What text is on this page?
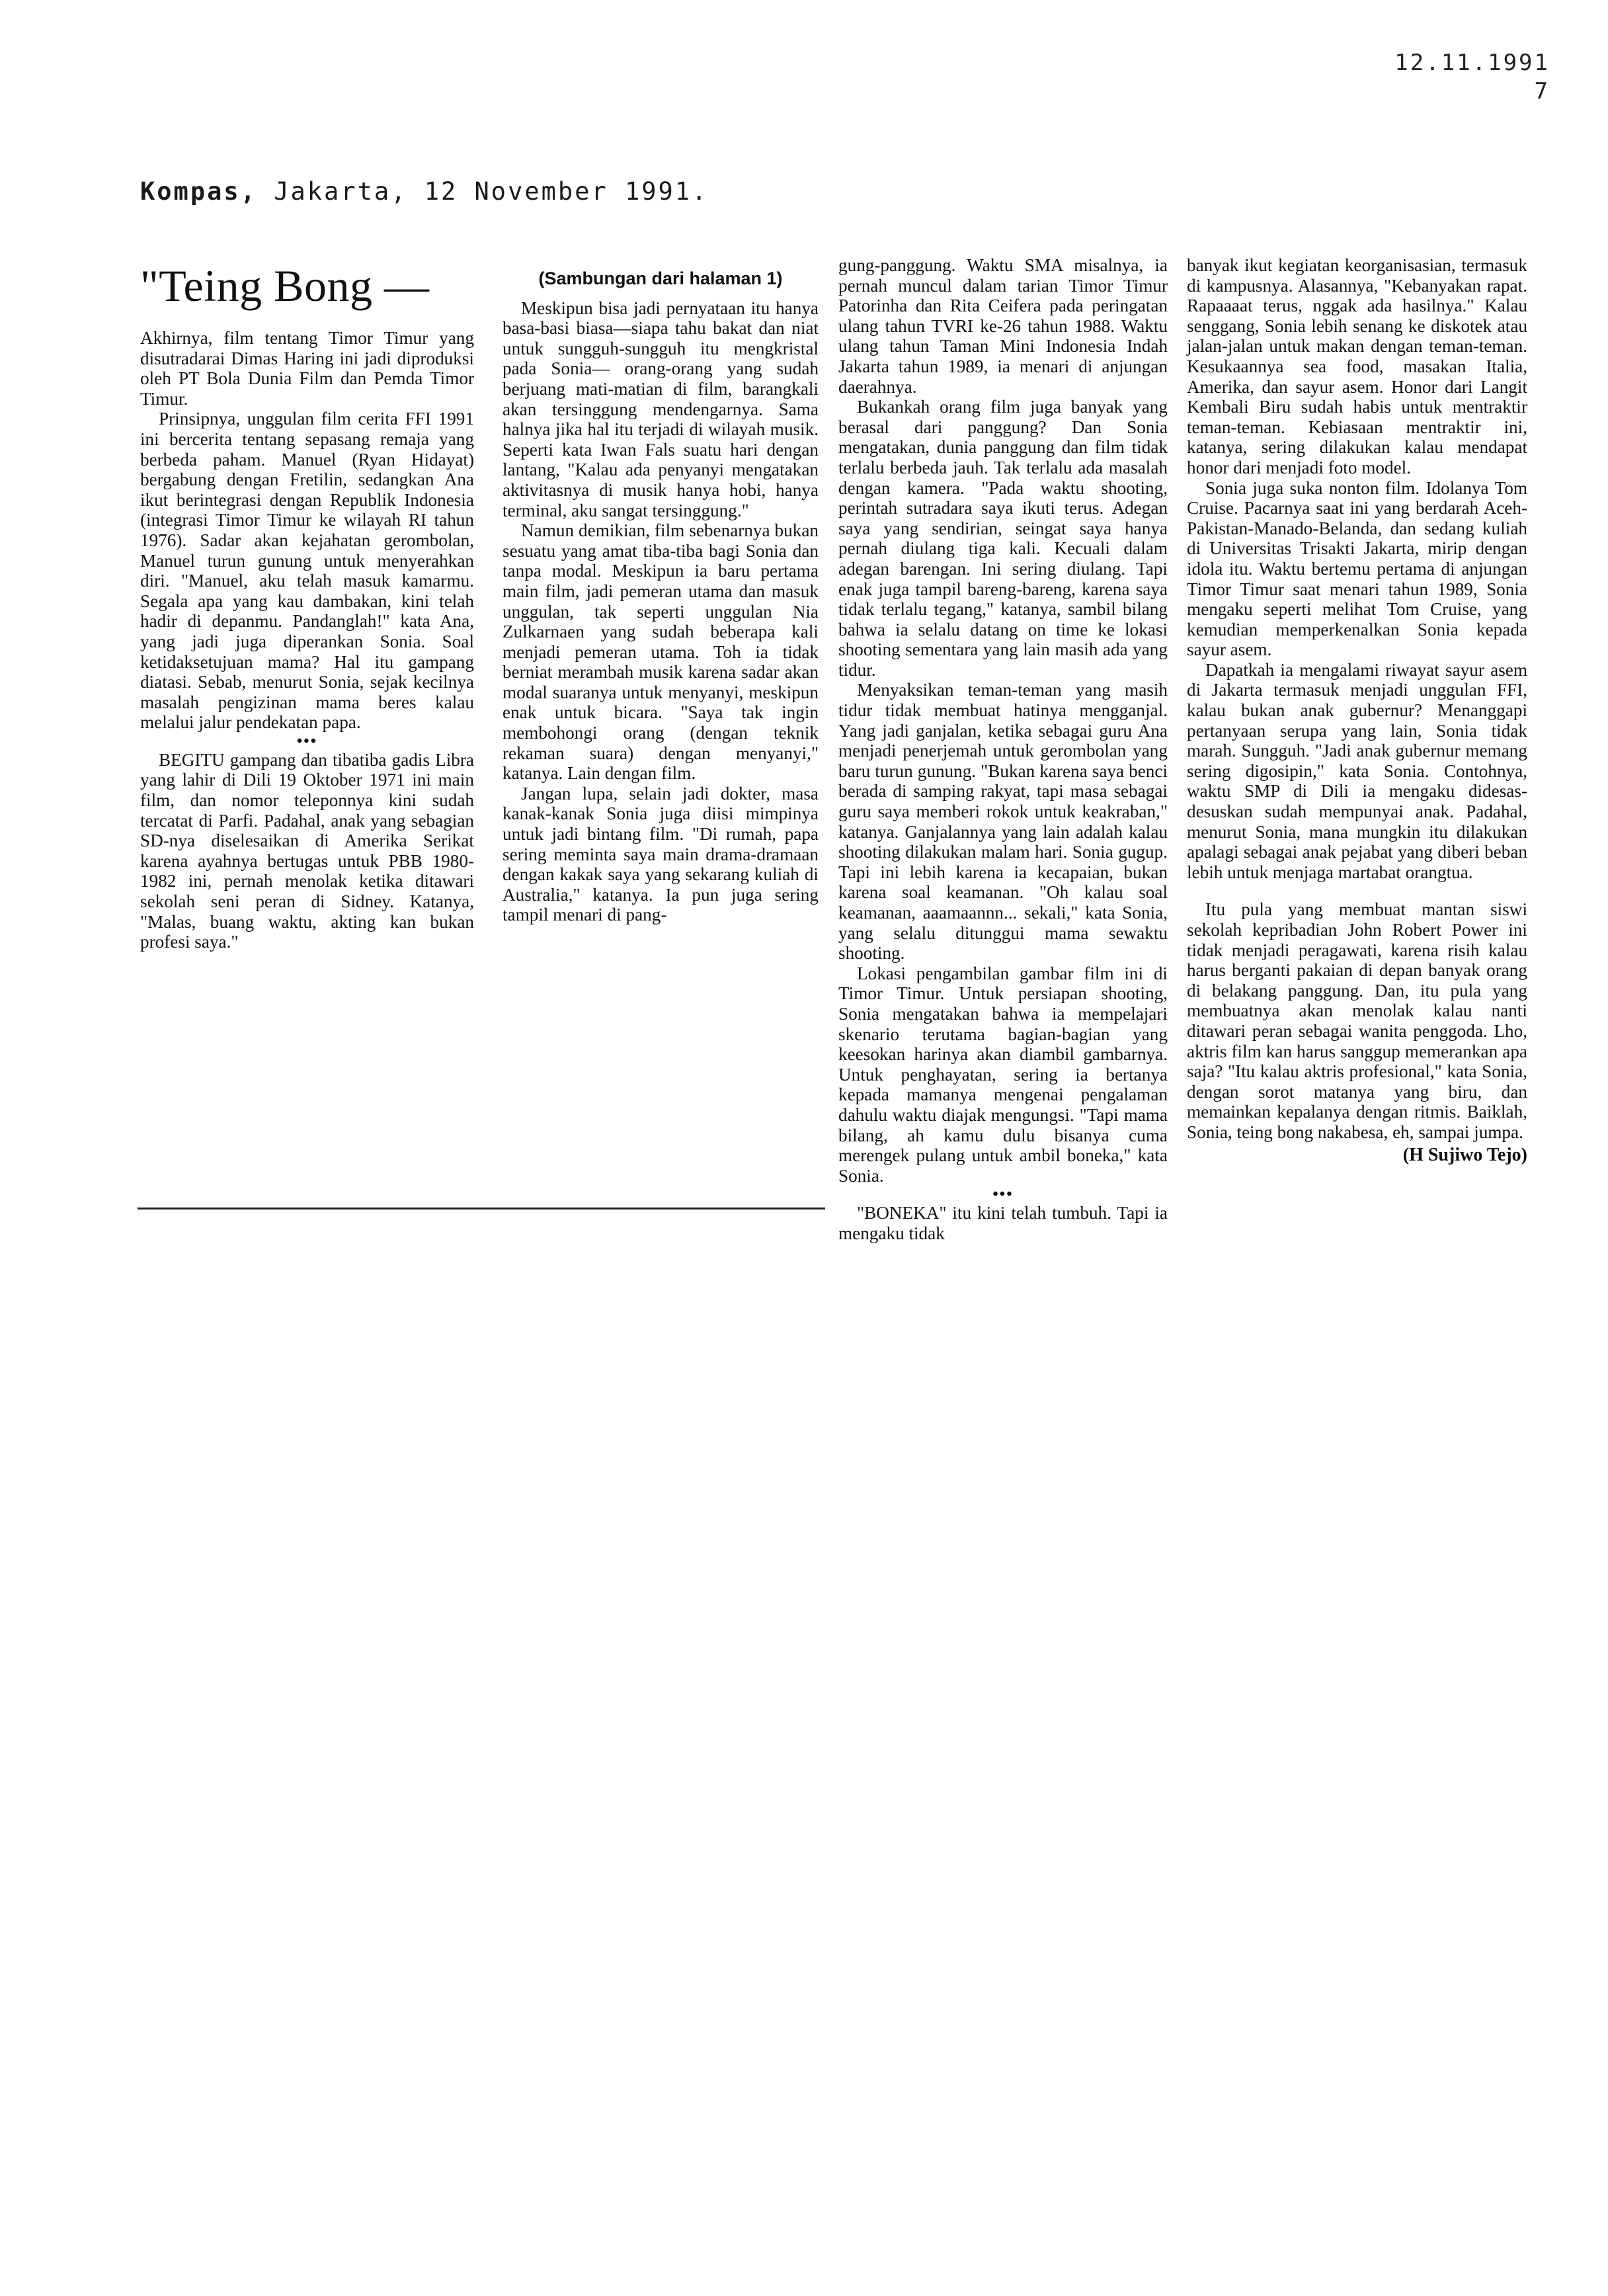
12.11.1991
7
Kompas, Jakarta, 12 November 1991.
"Teing Bong —

Akhirnya, film tentang Timor Timur yang disutradarai Dimas Haring ini jadi diproduksi oleh PT Bola Dunia Film dan Pemda Timor Timur.

Prinsipnya, unggulan film cerita FFI 1991 ini bercerita tentang sepasang remaja yang berbeda paham. Manuel (Ryan Hidayat) bergabung dengan Fretilin, sedangkan Ana ikut berintegrasi dengan Republik Indonesia (integrasi Timor Timur ke wilayah RI tahun 1976). Sadar akan kejahatan gerombolan, Manuel turun gunung untuk menyerahkan diri. "Manuel, aku telah masuk kamarmu. Segala apa yang kau dambakan, kini telah hadir di depanmu. Pandanglah!" kata Ana, yang jadi juga diperankan Sonia. Soal ketidaksetujuan mama? Hal itu gampang diatasi. Sebab, menurut Sonia, sejak kecilnya masalah pengizinan mama beres kalau melalui jalur pendekatan papa.

•••

BEGITU gampang dan tibatiba gadis Libra yang lahir di Dili 19 Oktober 1971 ini main film, dan nomor teleponnya kini sudah tercatat di Parfi. Padahal, anak yang sebagian SD-nya diselesaikan di Amerika Serikat karena ayahnya bertugas untuk PBB 1980-1982 ini, pernah menolak ketika ditawari sekolah seni peran di Sidney. Katanya, "Malas, buang waktu, akting kan bukan profesi saya."

(Sambungan dari halaman 1)

Meskipun bisa jadi pernyataan itu hanya basa-basi biasa—siapa tahu bakat dan niat untuk sungguh-sungguh itu mengkristal pada Sonia— orang-orang yang sudah berjuang mati-matian di film, barangkali akan tersinggung mendengarnya. Sama halnya jika hal itu terjadi di wilayah musik. Seperti kata Iwan Fals suatu hari dengan lantang, "Kalau ada penyanyi mengatakan aktivitasnya di musik hanya hobi, hanya terminal, aku sangat tersinggung."

Namun demikian, film sebenarnya bukan sesuatu yang amat tiba-tiba bagi Sonia dan tanpa modal. Meskipun ia baru pertama main film, jadi pemeran utama dan masuk unggulan, tak seperti unggulan Nia Zulkarnaen yang sudah beberapa kali menjadi pemeran utama. Toh ia tidak berniat merambah musik karena sadar akan modal suaranya untuk menyanyi, meskipun enak untuk bicara. "Saya tak ingin membohongi orang (dengan teknik rekaman suara) dengan menyanyi," katanya. Lain dengan film.

Jangan lupa, selain jadi dokter, masa kanak-kanak Sonia juga diisi mimpinya untuk jadi bintang film. "Di rumah, papa sering meminta saya main drama-dramaan dengan kakak saya yang sekarang kuliah di Australia," katanya. Ia pun juga sering tampil menari di pang-

gung-panggung. Waktu SMA misalnya, ia pernah muncul dalam tarian Timor Timur Patorinha dan Rita Ceifera pada peringatan ulang tahun TVRI ke-26 tahun 1988. Waktu ulang tahun Taman Mini Indonesia Indah Jakarta tahun 1989, ia menari di anjungan daerahnya.

Bukankah orang film juga banyak yang berasal dari panggung? Dan Sonia mengatakan, dunia panggung dan film tidak terlalu berbeda jauh. Tak terlalu ada masalah dengan kamera. "Pada waktu shooting, perintah sutradara saya ikuti terus. Adegan saya yang sendirian, seingat saya hanya pernah diulang tiga kali. Kecuali dalam adegan barengan. Ini sering diulang. Tapi enak juga tampil bareng-bareng, karena saya tidak terlalu tegang," katanya, sambil bilang bahwa ia selalu datang on time ke lokasi shooting sementara yang lain masih ada yang tidur.

Menyaksikan teman-teman yang masih tidur tidak membuat hatinya mengganjal. Yang jadi ganjalan, ketika sebagai guru Ana menjadi penerjemah untuk gerombolan yang baru turun gunung. "Bukan karena saya benci berada di samping rakyat, tapi masa sebagai guru saya memberi rokok untuk keakraban," katanya. Ganjalannya yang lain adalah kalau shooting dilakukan malam hari. Sonia gugup. Tapi ini lebih karena ia kecapaian, bukan karena soal keamanan. "Oh kalau soal keamanan, aaamaannn... sekali," kata Sonia, yang selalu ditunggui mama sewaktu shooting.

Lokasi pengambilan gambar film ini di Timor Timur. Untuk persiapan shooting, Sonia mengatakan bahwa ia mempelajari skenario terutama bagian-bagian yang keesokan harinya akan diambil gambarnya. Untuk penghayatan, sering ia bertanya kepada mamanya mengenai pengalaman dahulu waktu diajak mengungsi. "Tapi mama bilang, ah kamu dulu bisanya cuma merengek pulang untuk ambil boneka," kata Sonia.

•••

"BONEKA" itu kini telah tumbuh. Tapi ia mengaku tidak

banyak ikut kegiatan keorganisasian, termasuk di kampusnya. Alasannya, "Kebanyakan rapat. Rapaaaat terus, nggak ada hasilnya." Kalau senggang, Sonia lebih senang ke diskotek atau jalan-jalan untuk makan dengan teman-teman. Kesukaannya sea food, masakan Italia, Amerika, dan sayur asem. Honor dari Langit Kembali Biru sudah habis untuk mentraktir teman-teman. Kebiasaan mentraktir ini, katanya, sering dilakukan kalau mendapat honor dari menjadi foto model.

Sonia juga suka nonton film. Idolanya Tom Cruise. Pacarnya saat ini yang berdarah Aceh-Pakistan-Manado-Belanda, dan sedang kuliah di Universitas Trisakti Jakarta, mirip dengan idola itu. Waktu bertemu pertama di anjungan Timor Timur saat menari tahun 1989, Sonia mengaku seperti melihat Tom Cruise, yang kemudian memperkenalkan Sonia kepada sayur asem.

Dapatkah ia mengalami riwayat sayur asem di Jakarta termasuk menjadi unggulan FFI, kalau bukan anak gubernur? Menanggapi pertanyaan serupa yang lain, Sonia tidak marah. Sungguh. "Jadi anak gubernur memang sering digosipin," kata Sonia. Contohnya, waktu SMP di Dili ia mengaku didesas-desuskan sudah mempunyai anak. Padahal, menurut Sonia, mana mungkin itu dilakukan apalagi sebagai anak pejabat yang diberi beban lebih untuk menjaga martabat orangtua.

Itu pula yang membuat mantan siswi sekolah kepribadian John Robert Power ini tidak menjadi peragawati, karena risih kalau harus berganti pakaian di depan banyak orang di belakang panggung. Dan, itu pula yang membuatnya akan menolak kalau nanti ditawari peran sebagai wanita penggoda. Lho, aktris film kan harus sanggup memerankan apa saja? "Itu kalau aktris profesional," kata Sonia, dengan sorot matanya yang biru, dan memainkan kepalanya dengan ritmis. Baiklah, Sonia, teing bong nakabesa, eh, sampai jumpa.

(H Sujiwo Tejo)
